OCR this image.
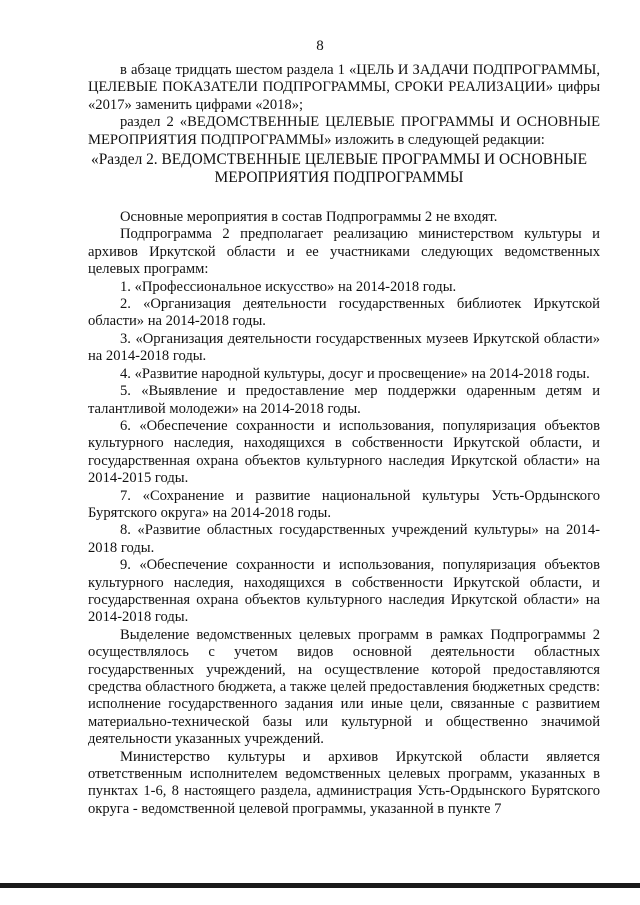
8

в абзаце тридцать шестом раздела 1 «ЦЕЛЬ И ЗАДАЧИ ПОДПРОГРАММЫ, ЦЕЛЕВЫЕ ПОКАЗАТЕЛИ ПОДПРОГРАММЫ, СРОКИ РЕАЛИЗАЦИИ» цифры «2017» заменить цифрами «2018»;

раздел 2 «ВЕДОМСТВЕННЫЕ ЦЕЛЕВЫЕ ПРОГРАММЫ И ОСНОВНЫЕ МЕРОПРИЯТИЯ ПОДПРОГРАММЫ» изложить в следующей редакции:

«Раздел 2. ВЕДОМСТВЕННЫЕ ЦЕЛЕВЫЕ ПРОГРАММЫ И ОСНОВНЫЕ МЕРОПРИЯТИЯ ПОДПРОГРАММЫ

Основные мероприятия в состав Подпрограммы 2 не входят.

Подпрограмма 2 предполагает реализацию министерством культуры и архивов Иркутской области и ее участниками следующих ведомственных целевых программ:

1. «Профессиональное искусство» на 2014-2018 годы.

2. «Организация деятельности государственных библиотек Иркутской области» на 2014-2018 годы.

3. «Организация деятельности государственных музеев Иркутской области» на 2014-2018 годы.

4. «Развитие народной культуры, досуг и просвещение» на 2014-2018 годы.

5. «Выявление и предоставление мер поддержки одаренным детям и талантливой молодежи» на 2014-2018 годы.

6. «Обеспечение сохранности и использования, популяризация объектов культурного наследия, находящихся в собственности Иркутской области, и государственная охрана объектов культурного наследия Иркутской области» на 2014-2015 годы.

7. «Сохранение и развитие национальной культуры Усть-Ордынского Бурятского округа» на 2014-2018 годы.

8. «Развитие областных государственных учреждений культуры» на 2014-2018 годы.

9. «Обеспечение сохранности и использования, популяризация объектов культурного наследия, находящихся в собственности Иркутской области, и государственная охрана объектов культурного наследия Иркутской области» на 2014-2018 годы.

Выделение ведомственных целевых программ в рамках Подпрограммы 2 осуществлялось с учетом видов основной деятельности областных государственных учреждений, на осуществление которой предоставляются средства областного бюджета, а также целей предоставления бюджетных средств: исполнение государственного задания или иные цели, связанные с развитием материально-технической базы или культурной и общественно значимой деятельности указанных учреждений.

Министерство культуры и архивов Иркутской области является ответственным исполнителем ведомственных целевых программ, указанных в пунктах 1-6, 8 настоящего раздела, администрация Усть-Ордынского Бурятского округа - ведомственной целевой программы, указанной в пункте 7
